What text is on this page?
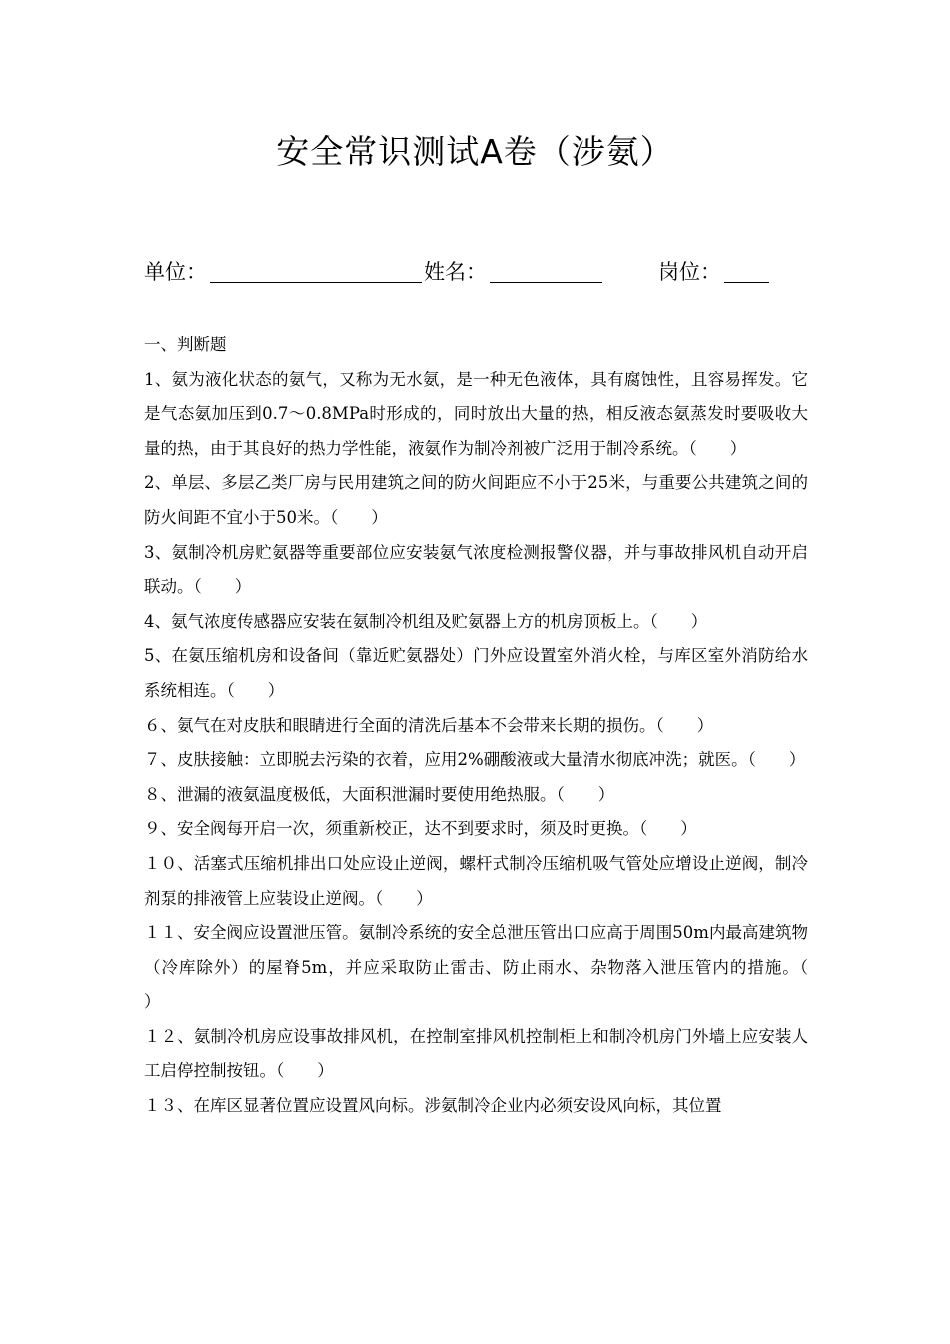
安全常识测试A卷（涉氨）
单位：	姓名：	岗位：

一、判断题

1、氨为液化状态的氨气，又称为无水氨，是一种无色液体，具有腐蚀性，且容易挥发。它是气态氨加压到0.7～0.8MPa时形成的，同时放出大量的热，相反液态氨蒸发时要吸收大量的热，由于其良好的热力学性能，液氨作为制冷剂被广泛用于制冷系统。（　　）

2、单层、多层乙类厂房与民用建筑之间的防火间距应不小于25米，与重要公共建筑之间的防火间距不宜小于50米。（　　）

3、氨制冷机房贮氨器等重要部位应安装氨气浓度检测报警仪器，并与事故排风机自动开启联动。（　　）

4、氨气浓度传感器应安装在氨制冷机组及贮氨器上方的机房顶板上。（　　）

5、在氨压缩机房和设备间（靠近贮氨器处）门外应设置室外消火栓，与库区室外消防给水系统相连。（　　）

６、氨气在对皮肤和眼睛进行全面的清洗后基本不会带来长期的损伤。（　　）

７、皮肤接触：立即脱去污染的衣着，应用2%硼酸液或大量清水彻底冲洗；就医。（　　）

８、泄漏的液氨温度极低，大面积泄漏时要使用绝热服。（　　）

９、安全阀每开启一次，须重新校正，达不到要求时，须及时更换。（　　）

１０、活塞式压缩机排出口处应设止逆阀，螺杆式制冷压缩机吸气管处应增设止逆阀，制冷剂泵的排液管上应装设止逆阀。（　　）

１１、安全阀应设置泄压管。氨制冷系统的安全总泄压管出口应高于周围50m内最高建筑物（冷库除外）的屋脊5m，并应采取防止雷击、防止雨水、杂物落入泄压管内的措施。（　　）

１２、氨制冷机房应设事故排风机，在控制室排风机控制柜上和制冷机房门外墙上应安装人工启停控制按钮。（　　）

１３、在库区显著位置应设置风向标。涉氨制冷企业内必须安设风向标，其位置
